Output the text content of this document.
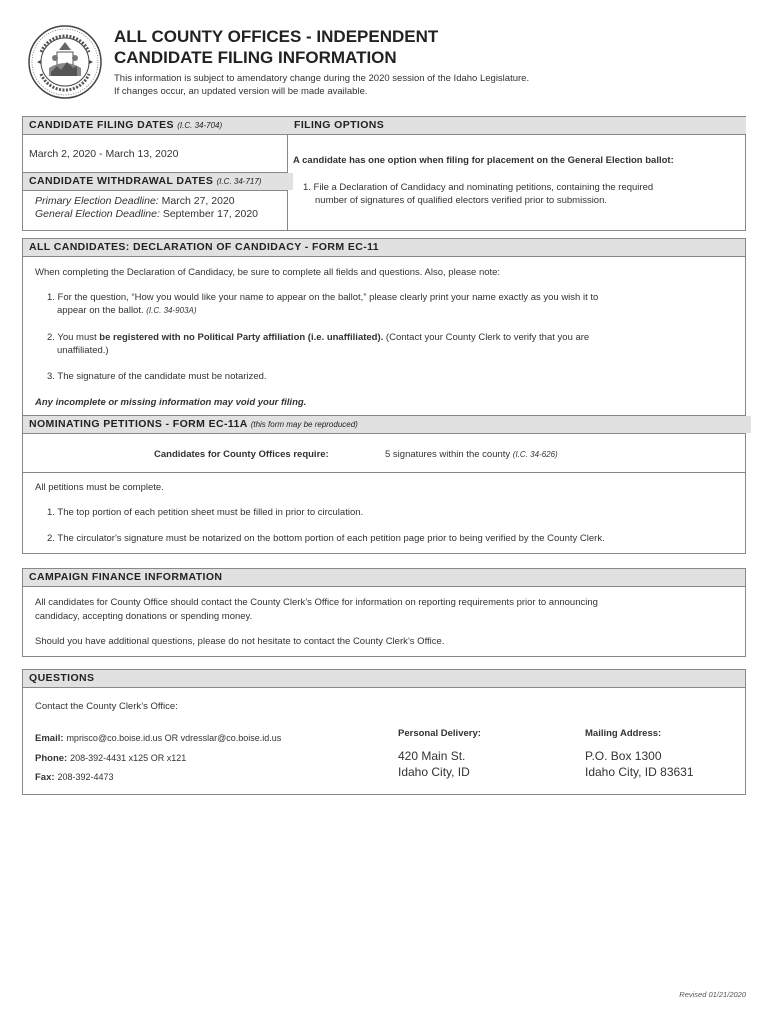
ALL COUNTY OFFICES - INDEPENDENT
CANDIDATE FILING INFORMATION
This information is subject to amendatory change during the 2020 session of the Idaho Legislature.
If changes occur, an updated version will be made available.
CANDIDATE FILING DATES (I.C. 34-704)	FILING OPTIONS
March 2, 2020 - March 13, 2020
CANDIDATE WITHDRAWAL DATES (I.C. 34-717)
Primary Election Deadline: March 27, 2020
General Election Deadline: September 17, 2020
A candidate has one option when filing for placement on the General Election ballot:
1. File a Declaration of Candidacy and nominating petitions, containing the required
number of signatures of qualified electors verified prior to submission.
ALL CANDIDATES: DECLARATION OF CANDIDACY - FORM EC-11
When completing the Declaration of Candidacy, be sure to complete all fields and questions. Also, please note:
1. For the question, “How you would like your name to appear on the ballot,” please clearly print your name exactly as you wish it to
appear on the ballot. (I.C. 34-903A)
2. You must be registered with no Political Party affiliation (i.e. unaffiliated). (Contact your County Clerk to verify that you are
unaffiliated.)
3. The signature of the candidate must be notarized.
Any incomplete or missing information may void your filing.
NOMINATING PETITIONS - FORM EC-11A (this form may be reproduced)
Candidates for County Offices require:	5 signatures within the county (I.C. 34-626)
All petitions must be complete.
1. The top portion of each petition sheet must be filled in prior to circulation.
2. The circulator's signature must be notarized on the bottom portion of each petition page prior to being verified by the County Clerk.
CAMPAIGN FINANCE INFORMATION
All candidates for County Office should contact the County Clerk’s Office for information on reporting requirements prior to announcing
candidacy, accepting donations or spending money.
Should you have additional questions, please do not hesitate to contact the County Clerk’s Office.
QUESTIONS
Contact the County Clerk’s Office:
Email: mprisco@co.boise.id.us OR vdresslar@co.boise.id.us
Phone: 208-392-4431 x125 OR x121
Fax: 208-392-4473
Personal Delivery:
420 Main St.
Idaho City, ID
Mailing Address:
P.O. Box 1300
Idaho City, ID 83631
Revised 01/21/2020
